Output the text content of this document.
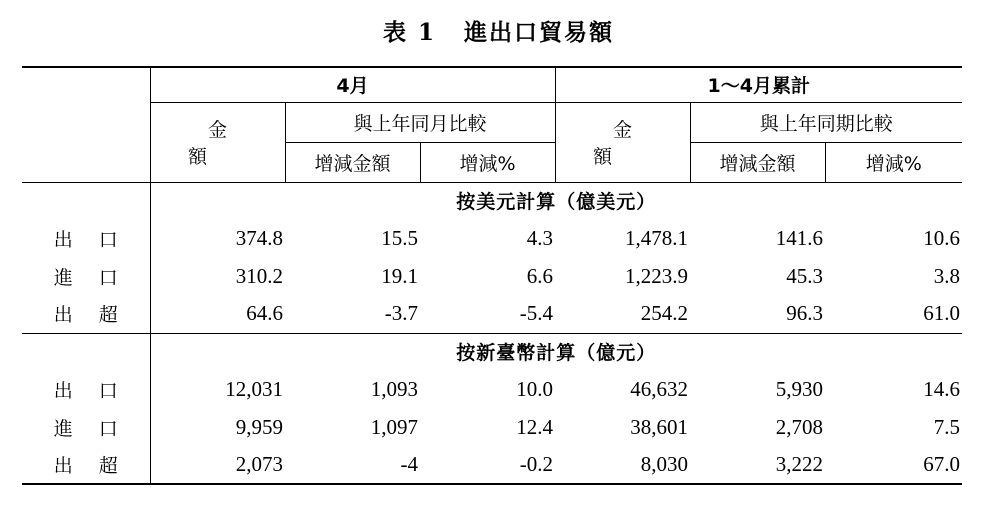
表 1 進出口貿易額
	4月			1～4月累計		
	金額	與上年同月比較		金額	與上年同期比較	
		增減金額	增減%		增減金額	增減%
	按美元計算（億美元）					
出口	374.8	15.5	4.3	1,478.1	141.6	10.6
進口	310.2	19.1	6.6	1,223.9	45.3	3.8
出超	64.6	-3.7	-5.4	254.2	96.3	61.0
	按新臺幣計算（億元）					
出口	12,031	1,093	10.0	46,632	5,930	14.6
進口	9,959	1,097	12.4	38,601	2,708	7.5
出超	2,073	-4	-0.2	8,030	3,222	67.0
